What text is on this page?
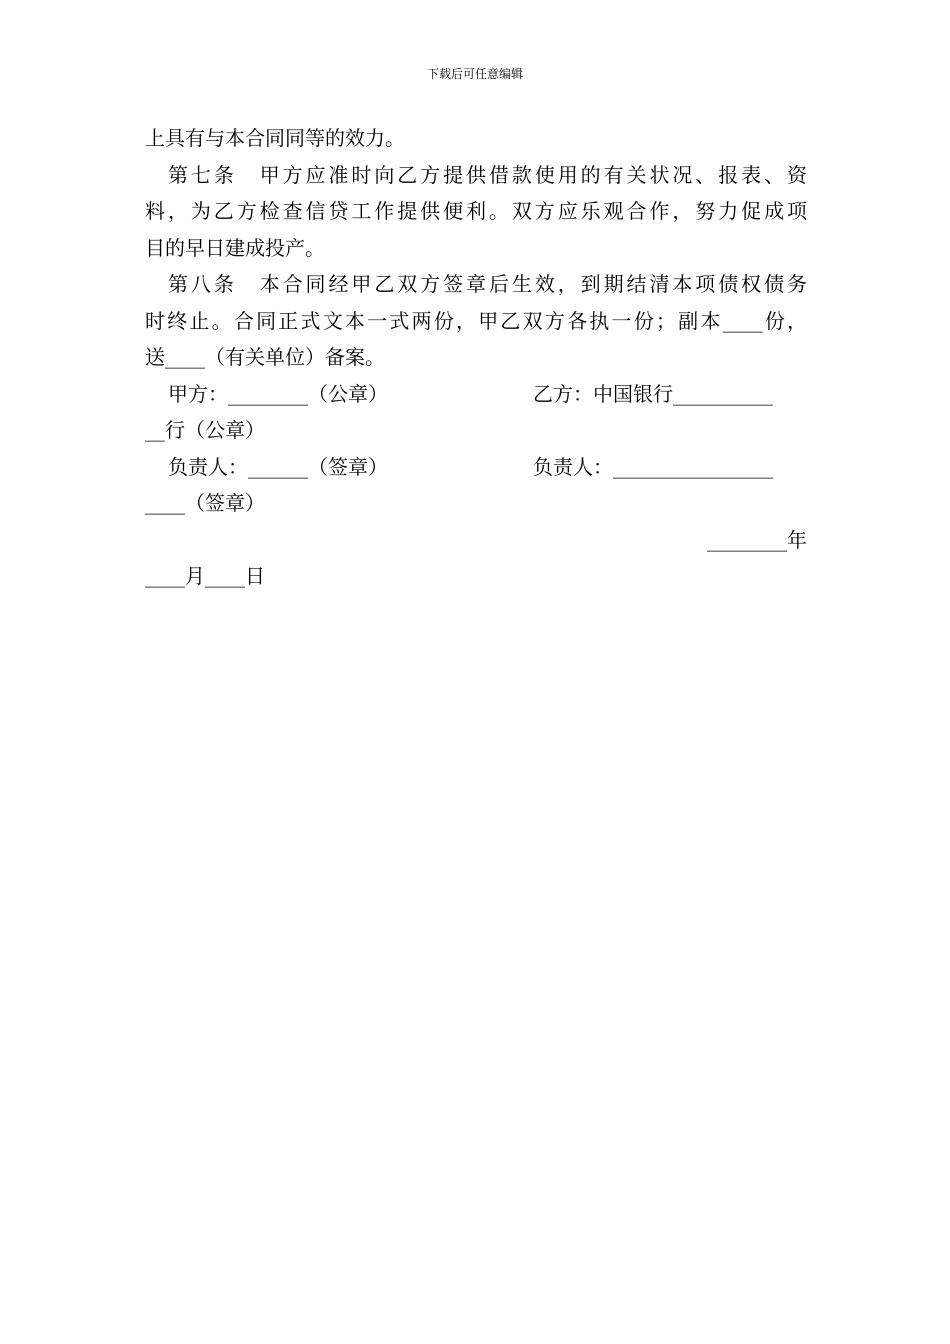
下载后可任意编辑
上具有与本合同同等的效力。
第七条　甲方应准时向乙方提供借款使用的有关状况、报表、资
料，为乙方检查信贷工作提供便利。双方应乐观合作，努力促成项
目的早日建成投产。
第八条　本合同经甲乙双方签章后生效，到期结清本项债权债务
时终止。合同正式文本一式两份，甲乙双方各执一份；副本____份，
送____（有关单位）备案。
甲方：________（公章）	乙方：中国银行__________
__行（公章）
负责人：______（签章）	负责人：________________
____（签章）
________年
____月____日
